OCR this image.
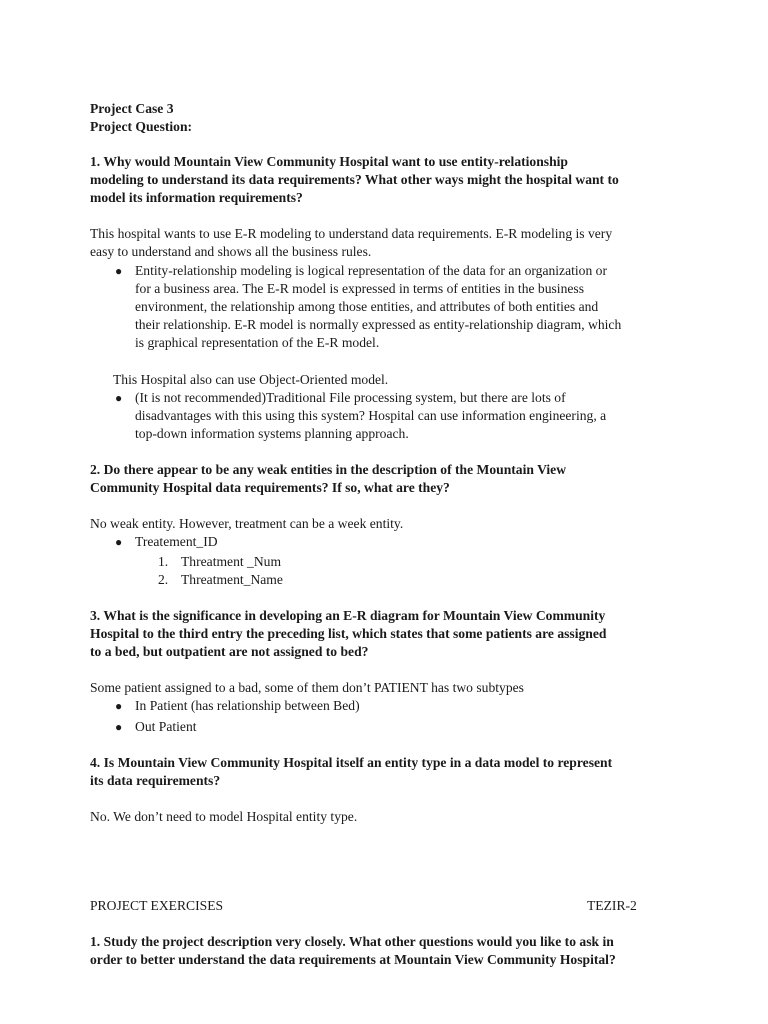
Project Case 3
Project Question:
1. Why would Mountain View Community Hospital want to use entity-relationship
modeling to understand its data requirements? What other ways might the hospital want to
model its information requirements?
This hospital wants to use E-R modeling to understand data requirements. E-R modeling is very
easy to understand and shows all the business rules.
● Entity-relationship modeling is logical representation of the data for an organization or
for a business area. The E-R model is expressed in terms of entities in the business
environment, the relationship among those entities, and attributes of both entities and
their relationship. E-R model is normally expressed as entity-relationship diagram, which
is graphical representation of the E-R model.
This Hospital also can use Object-Oriented model.
● (It is not recommended)Traditional File processing system, but there are lots of
disadvantages with this using this system? Hospital can use information engineering, a
top-down information systems planning approach.
2. Do there appear to be any weak entities in the description of the Mountain View
Community Hospital data requirements? If so, what are they?
No weak entity. However, treatment can be a week entity.
● Treatement_ID
1. Threatment _Num
2. Threatment_Name
3. What is the significance in developing an E-R diagram for Mountain View Community
Hospital to the third entry the preceding list, which states that some patients are assigned
to a bed, but outpatient are not assigned to bed?
Some patient assigned to a bad, some of them don’t PATIENT has two subtypes
● In Patient (has relationship between Bed)
● Out Patient
4. Is Mountain View Community Hospital itself an entity type in a data model to represent
its data requirements?
No. We don’t need to model Hospital entity type.
PROJECT EXERCISES	TEZIR-2
1. Study the project description very closely. What other questions would you like to ask in
order to better understand the data requirements at Mountain View Community Hospital?
